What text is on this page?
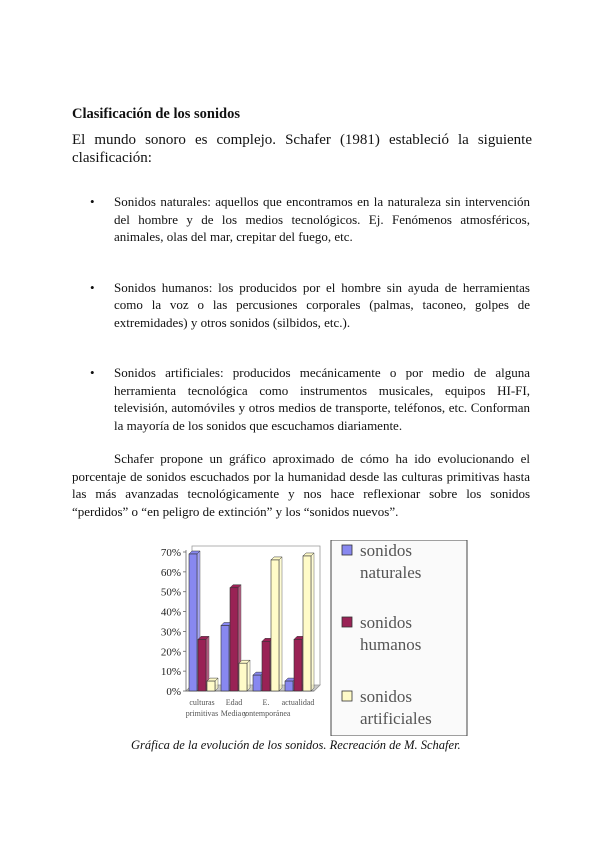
Clasificación de los sonidos
El mundo sonoro es complejo. Schafer (1981) estableció la siguiente clasificación:
• Sonidos naturales: aquellos que encontramos en la naturaleza sin intervención del hombre y de los medios tecnológicos. Ej. Fenómenos atmosféricos, animales, olas del mar, crepitar del fuego, etc.
• Sonidos humanos: los producidos por el hombre sin ayuda de herramientas como la voz o las percusiones corporales (palmas, taconeo, golpes de extremidades) y otros sonidos (silbidos, etc.).
• Sonidos artificiales: producidos mecánicamente o por medio de alguna herramienta tecnológica como instrumentos musicales, equipos HI-FI, televisión, automóviles y otros medios de transporte, teléfonos, etc. Conforman la mayoría de los sonidos que escuchamos diariamente.
Schafer propone un gráfico aproximado de cómo ha ido evolucionando el porcentaje de sonidos escuchados por la humanidad desde las culturas primitivas hasta las más avanzadas tecnológicamente y nos hace reflexionar sobre los sonidos “perdidos” o “en peligro de extinción” y los “sonidos nuevos”.
0%
10%
20%
30%
40%
50%
60%
70%
culturas
primitivas
Edad
Media y
E.
contemporánea
actualidad
sonidos
naturales
sonidos
humanos
sonidos
artificiales
Gráfica de la evolución de los sonidos. Recreación de M. Schafer.
